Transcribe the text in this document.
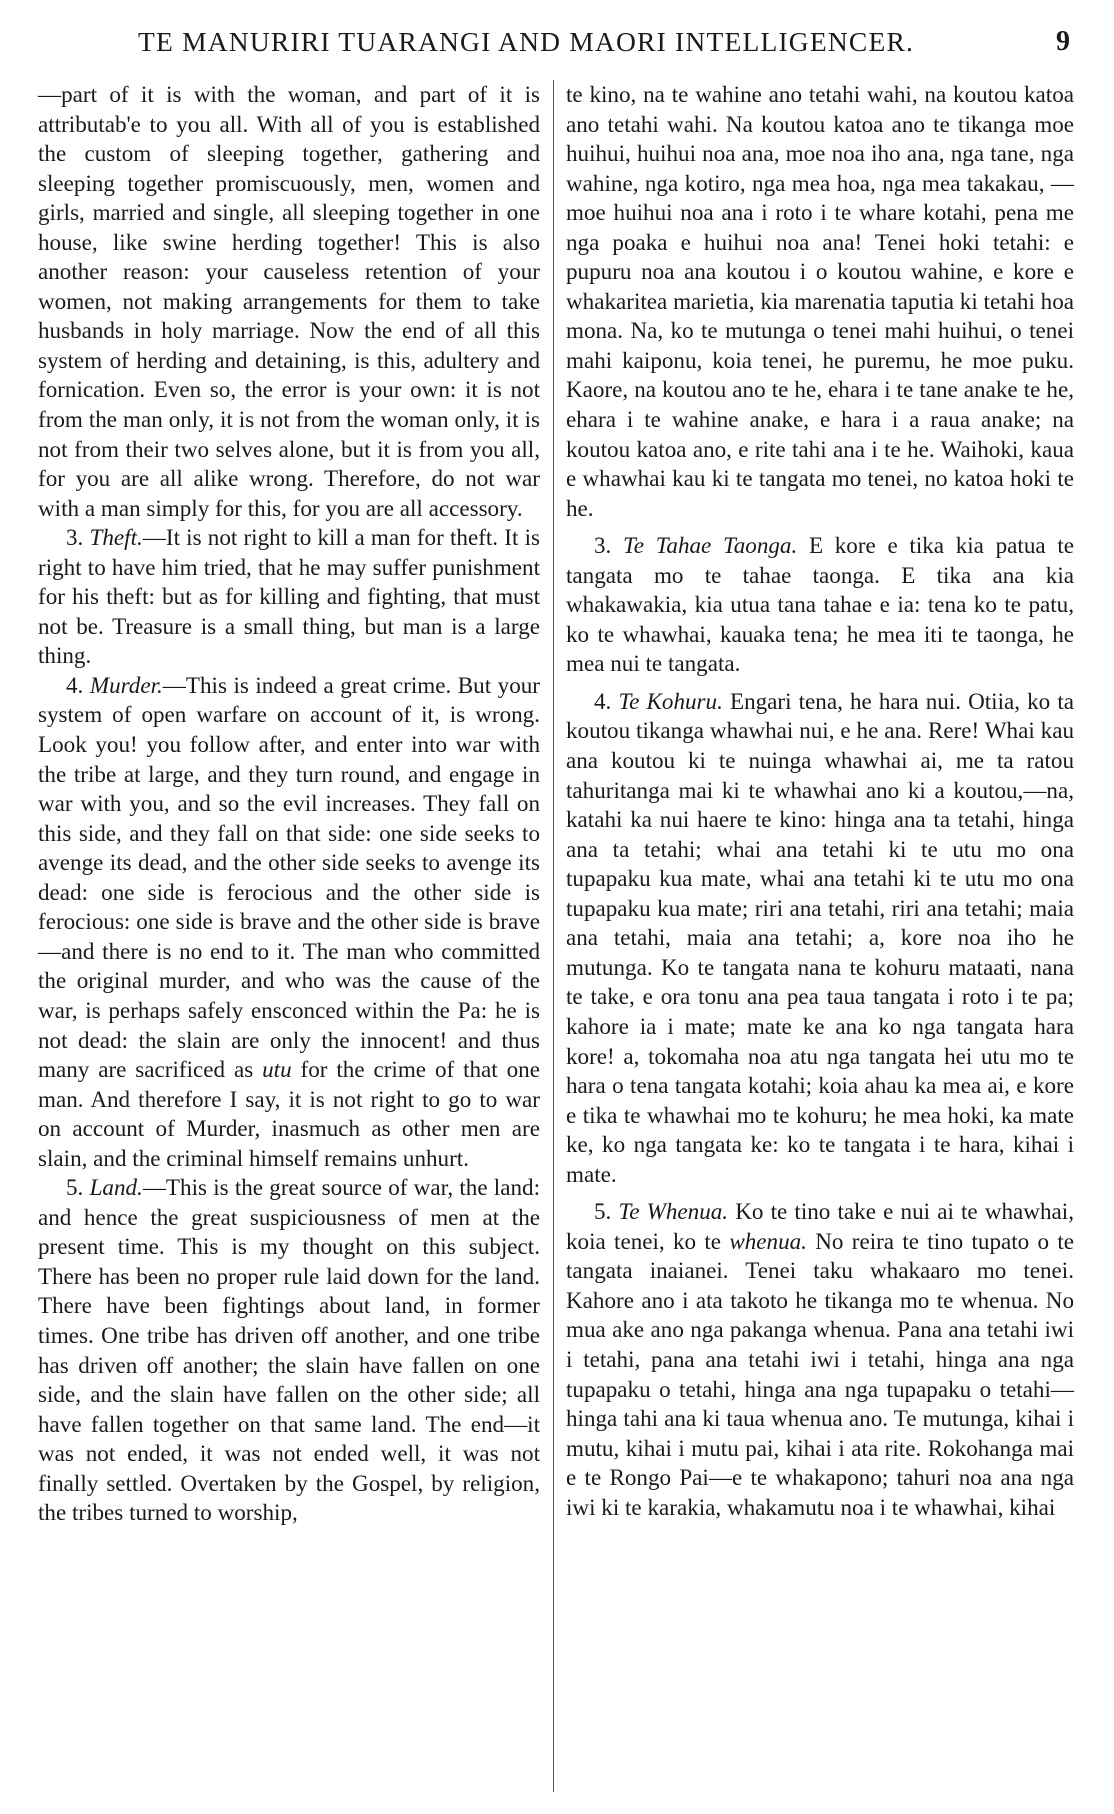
TE MANURIRI TUARANGI AND MAORI INTELLIGENCER.	9

—part of it is with the woman, and part of it is attributab'e to you all. With all of you is established the custom of sleeping together, gathering and sleeping together promiscuously, men, women and girls, married and single, all sleeping together in one house, like swine herding together! This is also another reason: your causeless retention of your women, not making arrangements for them to take husbands in holy marriage. Now the end of all this system of herding and detaining, is this, adultery and fornication. Even so, the error is your own: it is not from the man only, it is not from the woman only, it is not from their two selves alone, but it is from you all, for you are all alike wrong. Therefore, do not war with a man simply for this, for you are all accessory.

3. Theft.—It is not right to kill a man for theft. It is right to have him tried, that he may suffer punishment for his theft: but as for killing and fighting, that must not be. Treasure is a small thing, but man is a large thing.

4. Murder.—This is indeed a great crime. But your system of open warfare on account of it, is wrong. Look you! you follow after, and enter into war with the tribe at large, and they turn round, and engage in war with you, and so the evil increases. They fall on this side, and they fall on that side: one side seeks to avenge its dead, and the other side seeks to avenge its dead: one side is ferocious and the other side is ferocious: one side is brave and the other side is brave—and there is no end to it. The man who committed the original murder, and who was the cause of the war, is perhaps safely ensconced within the Pa: he is not dead: the slain are only the innocent! and thus many are sacrificed as utu for the crime of that one man. And therefore I say, it is not right to go to war on account of Murder, inasmuch as other men are slain, and the criminal himself remains unhurt.

5. Land.—This is the great source of war, the land: and hence the great suspiciousness of men at the present time. This is my thought on this subject. There has been no proper rule laid down for the land. There have been fightings about land, in former times. One tribe has driven off another, and one tribe has driven off another; the slain have fallen on one side, and the slain have fallen on the other side; all have fallen together on that same land. The end—it was not ended, it was not ended well, it was not finally settled. Overtaken by the Gospel, by religion, the tribes turned to worship,

te kino, na te wahine ano tetahi wahi, na koutou katoa ano tetahi wahi. Na koutou katoa ano te tikanga moe huihui, huihui noa ana, moe noa iho ana, nga tane, nga wahine, nga kotiro, nga mea hoa, nga mea takakau, —moe huihui noa ana i roto i te whare kotahi, pena me nga poaka e huihui noa ana! Tenei hoki tetahi: e pupuru noa ana koutou i o koutou wahine, e kore e whakaritea marietia, kia marenatia taputia ki tetahi hoa mona. Na, ko te mutunga o tenei mahi huihui, o tenei mahi kaiponu, koia tenei, he puremu, he moe puku. Kaore, na koutou ano te he, ehara i te tane anake te he, ehara i te wahine anake, e hara i a raua anake; na koutou katoa ano, e rite tahi ana i te he. Waihoki, kaua e whawhai kau ki te tangata mo tenei, no katoa hoki te he.

3. Te Tahae Taonga. E kore e tika kia patua te tangata mo te tahae taonga. E tika ana kia whakawakia, kia utua tana tahae e ia: tena ko te patu, ko te whawhai, kauaka tena; he mea iti te taonga, he mea nui te tangata.

4. Te Kohuru. Engari tena, he hara nui. Otiia, ko ta koutou tikanga whawhai nui, e he ana. Rere! Whai kau ana koutou ki te nuinga whawhai ai, me ta ratou tahuritanga mai ki te whawhai ano ki a koutou,—na, katahi ka nui haere te kino: hinga ana ta tetahi, hinga ana ta tetahi; whai ana tetahi ki te utu mo ona tupapaku kua mate, whai ana tetahi ki te utu mo ona tupapaku kua mate; riri ana tetahi, riri ana tetahi; maia ana tetahi, maia ana tetahi; a, kore noa iho he mutunga. Ko te tangata nana te kohuru mataati, nana te take, e ora tonu ana pea taua tangata i roto i te pa; kahore ia i mate; mate ke ana ko nga tangata hara kore! a, tokomaha noa atu nga tangata hei utu mo te hara o tena tangata kotahi; koia ahau ka mea ai, e kore e tika te whawhai mo te kohuru; he mea hoki, ka mate ke, ko nga tangata ke: ko te tangata i te hara, kihai i mate.

5. Te Whenua. Ko te tino take e nui ai te whawhai, koia tenei, ko te whenua. No reira te tino tupato o te tangata inaianei. Tenei taku whakaaro mo tenei. Kahore ano i ata takoto he tikanga mo te whenua. No mua ake ano nga pakanga whenua. Pana ana tetahi iwi i tetahi, pana ana tetahi iwi i tetahi, hinga ana nga tupapaku o tetahi, hinga ana nga tupapaku o tetahi—hinga tahi ana ki taua whenua ano. Te mutunga, kihai i mutu, kihai i mutu pai, kihai i ata rite. Rokohanga mai e te Rongo Pai—e te whakapono; tahuri noa ana nga iwi ki te karakia, whakamutu noa i te whawhai, kihai
